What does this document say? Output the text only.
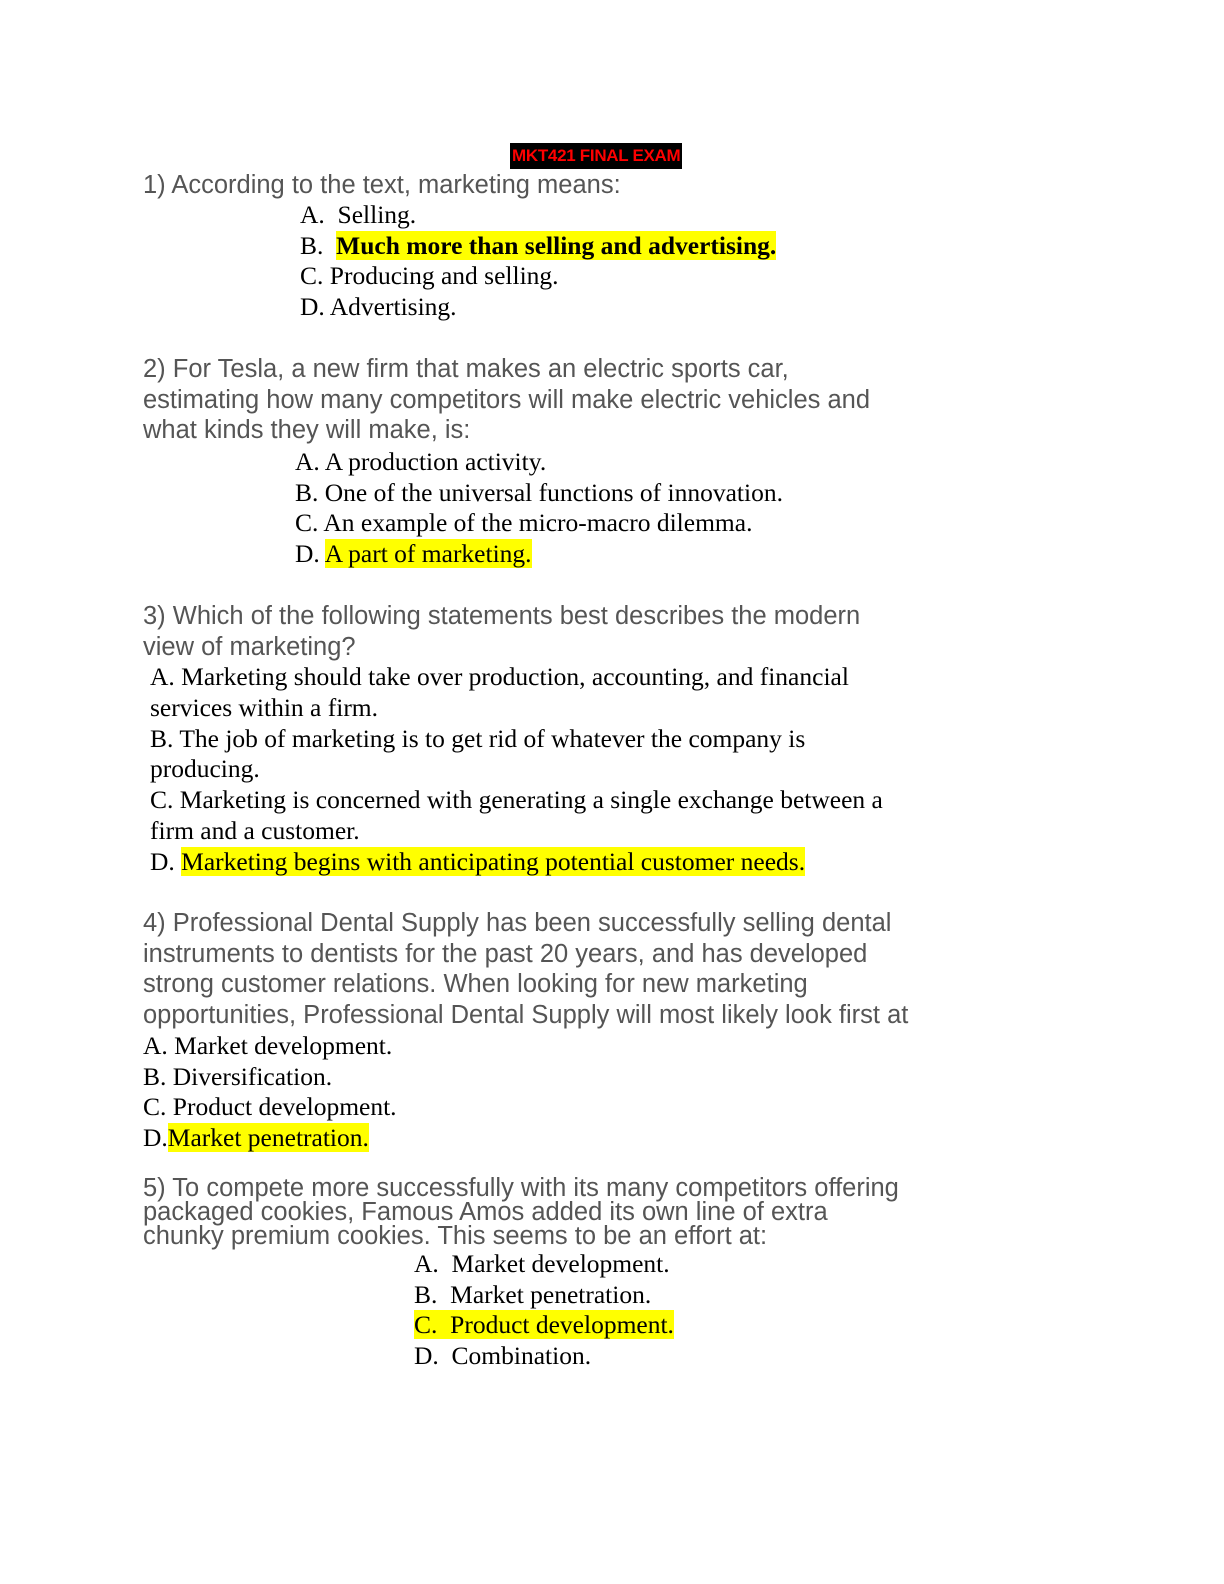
MKT421 FINAL EXAM
1) According to the text, marketing means:
A. Selling.
B. Much more than selling and advertising.
C. Producing and selling.
D. Advertising.
2) For Tesla, a new firm that makes an electric sports car,
estimating how many competitors will make electric vehicles and
what kinds they will make, is:
A. A production activity.
B. One of the universal functions of innovation.
C. An example of the micro-macro dilemma.
D. A part of marketing.
3) Which of the following statements best describes the modern
view of marketing?
A. Marketing should take over production, accounting, and financial
services within a firm.
B. The job of marketing is to get rid of whatever the company is
producing.
C. Marketing is concerned with generating a single exchange between a
firm and a customer.
D. Marketing begins with anticipating potential customer needs.
4) Professional Dental Supply has been successfully selling dental
instruments to dentists for the past 20 years, and has developed
strong customer relations. When looking for new marketing
opportunities, Professional Dental Supply will most likely look first at
A. Market development.
B. Diversification.
C. Product development.
D.Market penetration.
5) To compete more successfully with its many competitors offering
packaged cookies, Famous Amos added its own line of extra
chunky premium cookies. This seems to be an effort at:
A. Market development.
B. Market penetration.
C. Product development.
D. Combination.
